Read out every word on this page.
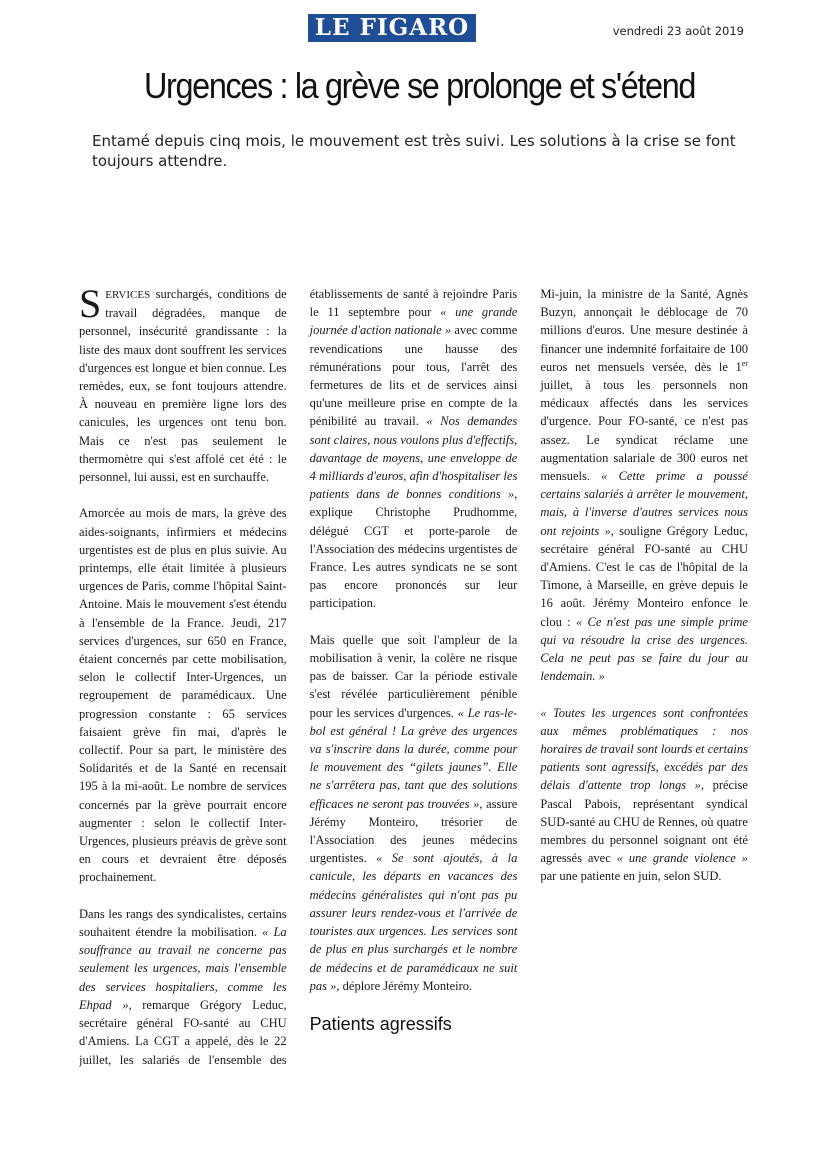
LE FIGARO	vendredi 23 août 2019
Urgences : la grève se prolonge et s'étend

Entamé depuis cinq mois, le mouvement est très suivi. Les solutions à la crise se font toujours attendre.

SERVICES surchargés, conditions de travail dégradées, manque de personnel, insécurité grandissante : la liste des maux dont souffrent les services d'urgences est longue et bien connue. Les remèdes, eux, se font toujours attendre. À nouveau en première ligne lors des canicules, les urgences ont tenu bon. Mais ce n'est pas seulement le thermomètre qui s'est affolé cet été : le personnel, lui aussi, est en surchauffe.

Amorcée au mois de mars, la grève des aides-soignants, infirmiers et médecins urgentistes est de plus en plus suivie. Au printemps, elle était limitée à plusieurs urgences de Paris, comme l'hôpital Saint-Antoine. Mais le mouvement s'est étendu à l'ensemble de la France. Jeudi, 217 services d'urgences, sur 650 en France, étaient concernés par cette mobilisation, selon le collectif Inter-Urgences, un regroupement de paramédicaux. Une progression constante : 65 services faisaient grève fin mai, d'après le collectif. Pour sa part, le ministère des Solidarités et de la Santé en recensait 195 à la mi-août. Le nombre de services concernés par la grève pourrait encore augmenter : selon le collectif Inter-Urgences, plusieurs préavis de grève sont en cours et devraient être déposés prochainement.

Dans les rangs des syndicalistes, certains souhaitent étendre la mobilisation. « La souffrance au travail ne concerne pas seulement les urgences, mais l'ensemble des services hospitaliers, comme les Ehpad », remarque Grégory Leduc, secrétaire général FO-santé au CHU d'Amiens. La CGT a appelé, dès le 22 juillet, les salariés de l'ensemble des établissements de santé à rejoindre Paris le 11 septembre pour « une grande journée d'action nationale » avec comme revendications une hausse des rémunérations pour tous, l'arrêt des fermetures de lits et de services ainsi qu'une meilleure prise en compte de la pénibilité au travail. « Nos demandes sont claires, nous voulons plus d'effectifs, davantage de moyens, une enveloppe de 4 milliards d'euros, afin d'hospitaliser les patients dans de bonnes conditions », explique Christophe Prudhomme, délégué CGT et porte-parole de l'Association des médecins urgentistes de France. Les autres syndicats ne se sont pas encore prononcés sur leur participation.

Mais quelle que soit l'ampleur de la mobilisation à venir, la colère ne risque pas de baisser. Car la période estivale s'est révélée particulièrement pénible pour les services d'urgences. « Le ras-le-bol est général ! La grève des urgences va s'inscrire dans la durée, comme pour le mouvement des “gilets jaunes”. Elle ne s'arrêtera pas, tant que des solutions efficaces ne seront pas trouvées », assure Jérémy Monteiro, trésorier de l'Association des jeunes médecins urgentistes. « Se sont ajoutés, à la canicule, les départs en vacances des médecins généralistes qui n'ont pas pu assurer leurs rendez-vous et l'arrivée de touristes aux urgences. Les services sont de plus en plus surchargés et le nombre de médecins et de paramédicaux ne suit pas », déplore Jérémy Monteiro.

Patients agressifs

Mi-juin, la ministre de la Santé, Agnès Buzyn, annonçait le déblocage de 70 millions d'euros. Une mesure destinée à financer une indemnité forfaitaire de 100 euros net mensuels versée, dès le 1er juillet, à tous les personnels non médicaux affectés dans les services d'urgence. Pour FO-santé, ce n'est pas assez. Le syndicat réclame une augmentation salariale de 300 euros net mensuels. « Cette prime a poussé certains salariés à arrêter le mouvement, mais, à l'inverse d'autres services nous ont rejoints », souligne Grégory Leduc, secrétaire général FO-santé au CHU d'Amiens. C'est le cas de l'hôpital de la Timone, à Marseille, en grève depuis le 16 août. Jérémy Monteiro enfonce le clou : « Ce n'est pas une simple prime qui va résoudre la crise des urgences. Cela ne peut pas se faire du jour au lendemain. »

« Toutes les urgences sont confrontées aux mêmes problématiques : nos horaires de travail sont lourds et certains patients sont agressifs, excédés par des délais d'attente trop longs », précise Pascal Pabois, représentant syndical SUD-santé au CHU de Rennes, où quatre membres du personnel soignant ont été agressés avec « une grande violence » par une patiente en juin, selon SUD.
